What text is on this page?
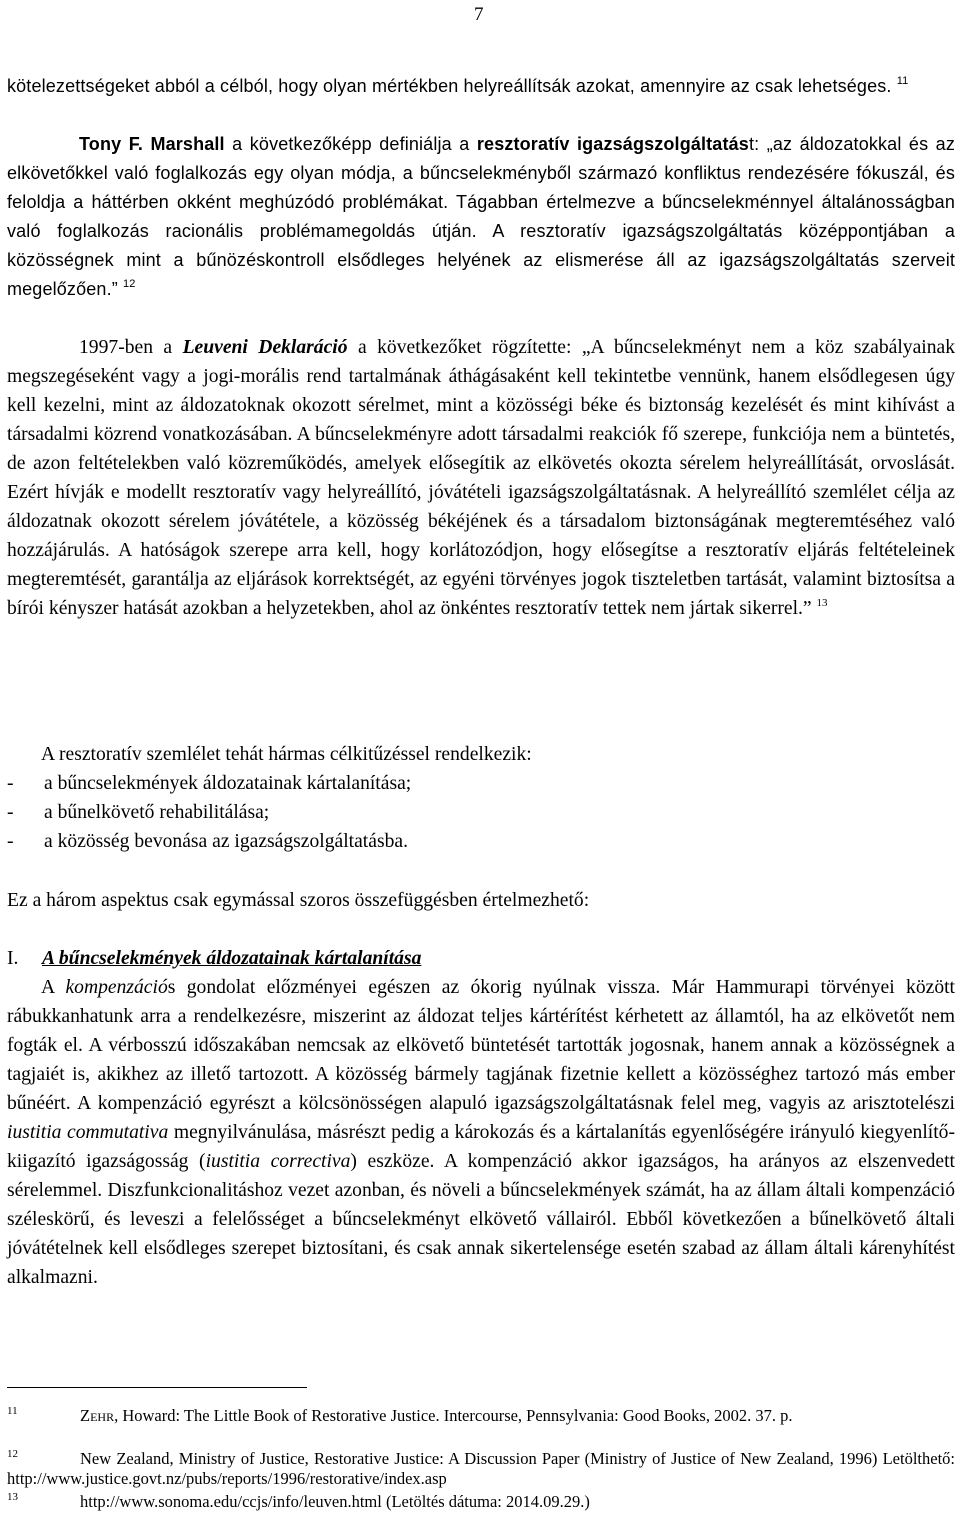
7

kötelezettségeket abból a célból, hogy olyan mértékben helyreállítsák azokat, amennyire az csak lehetséges. $^{11}$

Tony F. Marshall a következőképp definiálja a resztoratív igazságszolgáltatást: „az áldozatokkal és az elkövetőkkel való foglalkozás egy olyan módja, a bűncselekményből származó konfliktus rendezésére fókuszál, és feloldja a háttérben okként meghúzódó problémákat. Tágabban értelmezve a bűncselekménnyel általánosságban való foglalkozás racionális problémamegoldás útján. A resztoratív igazságszolgáltatás középpontjában a közösségnek mint a bűnözéskontroll elsődleges helyének az elismerése áll az igazságszolgáltatás szerveit megelőzően.” $^{12}$

1997-ben a Leuveni Deklaráció a következőket rögzítette: „A bűncselekményt nem a köz szabályainak megszegéseként vagy a jogi-morális rend tartalmának áthágásaként kell tekintetbe vennünk, hanem elsődlegesen úgy kell kezelni, mint az áldozatoknak okozott sérelmet, mint a közösségi béke és biztonság kezelését és mint kihívást a társadalmi közrend vonatkozásában. A bűncselekményre adott társadalmi reakciók fő szerepe, funkciója nem a büntetés, de azon feltételekben való közreműködés, amelyek elősegítik az elkövetés okozta sérelem helyreállítását, orvoslását. Ezért hívják e modellt resztoratív vagy helyreállító, jóvátételi igazságszolgáltatásnak. A helyreállító szemlélet célja az áldozatnak okozott sérelem jóvátétele, a közösség békéjének és a társadalom biztonságának megteremtéséhez való hozzájárulás. A hatóságok szerepe arra kell, hogy korlátozódjon, hogy elősegítse a resztoratív eljárás feltételeinek megteremtését, garantálja az eljárások korrektségét, az egyéni törvényes jogok tiszteletben tartását, valamint biztosítsa a bírói kényszer hatását azokban a helyzetekben, ahol az önkéntes resztoratív tettek nem jártak sikerrel.” $^{13}$

A resztoratív szemlélet tehát hármas célkitűzéssel rendelkezik:

- a bűncselekmények áldozatainak kártalanítása;
- a bűnelkövető rehabilitálása;
- a közösség bevonása az igazságszolgáltatásba.

Ez a három aspektus csak egymással szoros összefüggésben értelmezhető:

I. A bűncselekmények áldozatainak kártalanítása

A kompenzációs gondolat előzményei egészen az ókorig nyúlnak vissza. Már Hammurapi törvényei között rábukkanhatunk arra a rendelkezésre, miszerint az áldozat teljes kártérítést kérhetett az államtól, ha az elkövetőt nem fogták el. A vérbosszú időszakában nemcsak az elkövető büntetését tartották jogosnak, hanem annak a közösségnek a tagjaiét is, akikhez az illető tartozott. A közösség bármely tagjának fizetnie kellett a közösséghez tartozó más ember bűnéért. A kompenzáció egyrészt a kölcsönösségen alapuló igazságszolgáltatásnak felel meg, vagyis az arisztotelészi iustitia commutativa megnyilvánulása, másrészt pedig a károkozás és a kártalanítás egyenlőségére irányuló kiegyenlítő-kiigazító igazságosság (iustitia correctiva) eszköze. A kompenzáció akkor igazságos, ha arányos az elszenvedett sérelemmel. Diszfunkcionalitáshoz vezet azonban, és növeli a bűncselekmények számát, ha az állam általi kompenzáció széleskörű, és leveszi a felelősséget a bűncselekményt elkövető vállairól. Ebből következően a bűnelkövető általi jóvátételnek kell elsődleges szerepet biztosítani, és csak annak sikertelensége esetén szabad az állam általi kárenyhítést alkalmazni.

11	Zehr, Howard: The Little Book of Restorative Justice. Intercourse, Pennsylvania: Good Books, 2002. 37. p.

12	New Zealand, Ministry of Justice, Restorative Justice: A Discussion Paper (Ministry of Justice of New Zealand, 1996) Letölthető: http://www.justice.govt.nz/pubs/reports/1996/restorative/index.asp

13	http://www.sonoma.edu/ccjs/info/leuven.html (Letöltés dátuma: 2014.09.29.)
